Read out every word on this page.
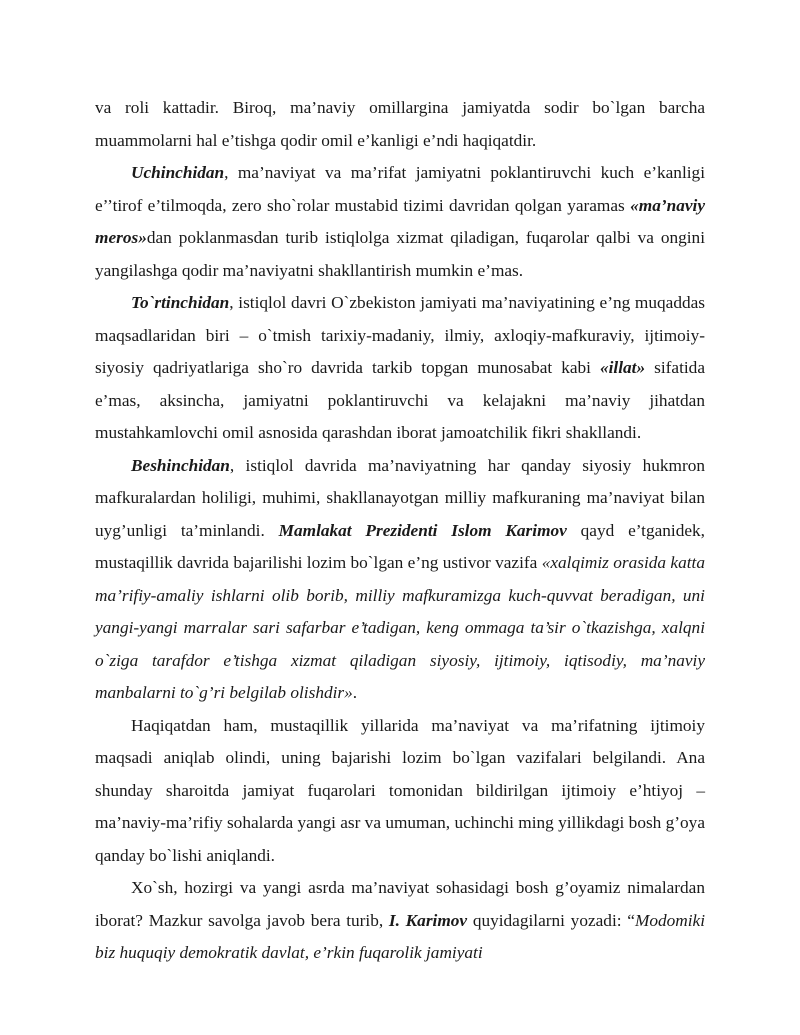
va roli kattadir. Biroq, ma’naviy omillargina jamiyatda sodir bo`lgan barcha muammolarni hal e’tishga qodir omil e’kanligi e’ndi haqiqatdir.

Uchinchidan, ma’naviyat va ma’rifat jamiyatni poklantiruvchi kuch e’kanligi e’’tirof e’tilmoqda, zero sho`rolar mustabid tizimi davridan qolgan yaramas «ma’naviy meros»dan poklanmasdan turib istiqlolga xizmat qiladigan, fuqarolar qalbi va ongini yangilashga qodir ma’naviyatni shakllantirish mumkin e’mas.

To`rtinchidan, istiqlol davri O`zbekiston jamiyati ma’naviyatining e’ng muqaddas maqsadlaridan biri – o`tmish tarixiy-madaniy, ilmiy, axloqiy-mafkuraviy, ijtimoiy-siyosiy qadriyatlariga sho`ro davrida tarkib topgan munosabat kabi «illat» sifatida e’mas, aksincha, jamiyatni poklantiruvchi va kelajakni ma’naviy jihatdan mustahkamlovchi omil asnosida qarashdan iborat jamoatchilik fikri shakllandi.

Beshinchidan, istiqlol davrida ma’naviyatning har qanday siyosiy hukmron mafkuralardan holiligi, muhimi, shakllanayotgan milliy mafkuraning ma’naviyat bilan uyg’unligi ta’minlandi. Mamlakat Prezidenti Islom Karimov qayd e’tganidek, mustaqillik davrida bajarilishi lozim bo`lgan e’ng ustivor vazifa «xalqimiz orasida katta ma’rifiy-amaliy ishlarni olib borib, milliy mafkuramizga kuch-quvvat beradigan, uni yangi-yangi marralar sari safarbar e’tadigan, keng ommaga ta’sir o`tkazishga, xalqni o`ziga tarafdor e’tishga xizmat qiladigan siyosiy, ijtimoiy, iqtisodiy, ma’naviy manbalarni to`g’ri belgilab olishdir».

Haqiqatdan ham, mustaqillik yillarida ma’naviyat va ma’rifatning ijtimoiy maqsadi aniqlab olindi, uning bajarishi lozim bo`lgan vazifalari belgilandi. Ana shunday sharoitda jamiyat fuqarolari tomonidan bildirilgan ijtimoiy e’htiyoj – ma’naviy-ma’rifiy sohalarda yangi asr va umuman, uchinchi ming yillikdagi bosh g’oya qanday bo`lishi aniqlandi.

Xo`sh, hozirgi va yangi asrda ma’naviyat sohasidagi bosh g’oyamiz nimalardan iborat? Mazkur savolga javob bera turib, I. Karimov quyidagilarni yozadi: “Modomiki biz huquqiy demokratik davlat, e’rkin fuqarolik jamiyati
